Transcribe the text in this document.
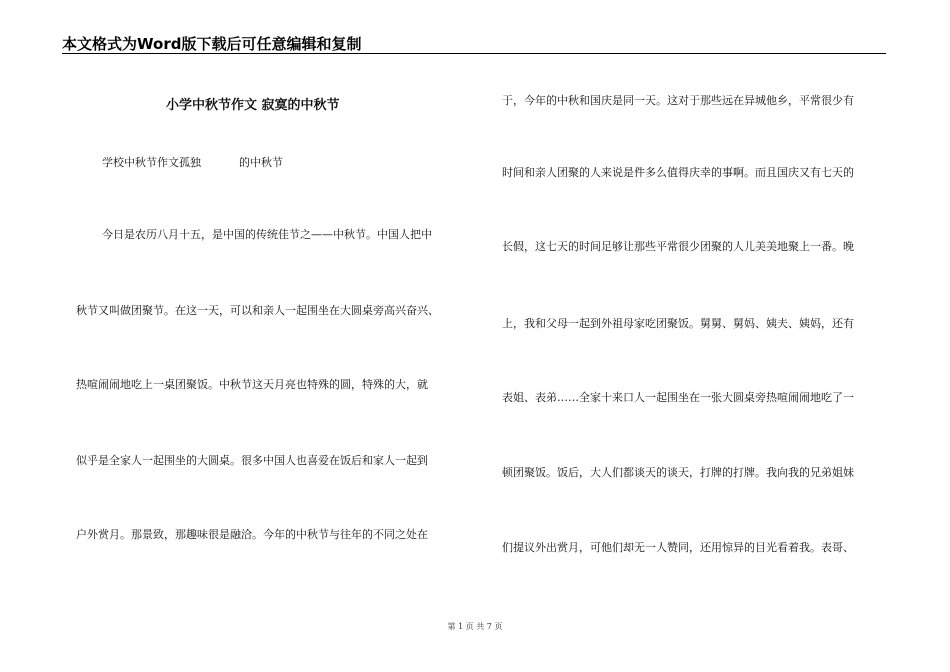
本文格式为Word版下载后可任意编辑和复制
小学中秋节作文 寂寞的中秋节
学校中秋节作文孤独	的中秋节
今日是农历八月十五，是中国的传统佳节之——中秋节。中国人把中
秋节又叫做团聚节。在这一天，可以和亲人一起围坐在大圆桌旁高兴奋兴、
热喧闹闹地吃上一桌团聚饭。中秋节这天月亮也特殊的圆，特殊的大，就
似乎是全家人一起围坐的大圆桌。很多中国人也喜爱在饭后和家人一起到
户外赏月。那景致，那趣味很是融洽。今年的中秋节与往年的不同之处在
于，今年的中秋和国庆是同一天。这对于那些远在异城他乡，平常很少有
时间和亲人团聚的人来说是件多么值得庆幸的事啊。而且国庆又有七天的
长假，这七天的时间足够让那些平常很少团聚的人儿美美地聚上一番。晚
上，我和父母一起到外祖母家吃团聚饭。舅舅、舅妈、姨夫、姨妈，还有
表姐、表弟……全家十来口人一起围坐在一张大圆桌旁热喧闹闹地吃了一
顿团聚饭。饭后，大人们都谈天的谈天，打牌的打牌。我向我的兄弟姐妹
们提议外出赏月，可他们却无一人赞同，还用惊异的目光看着我。表哥、
第 1 页 共 7 页
